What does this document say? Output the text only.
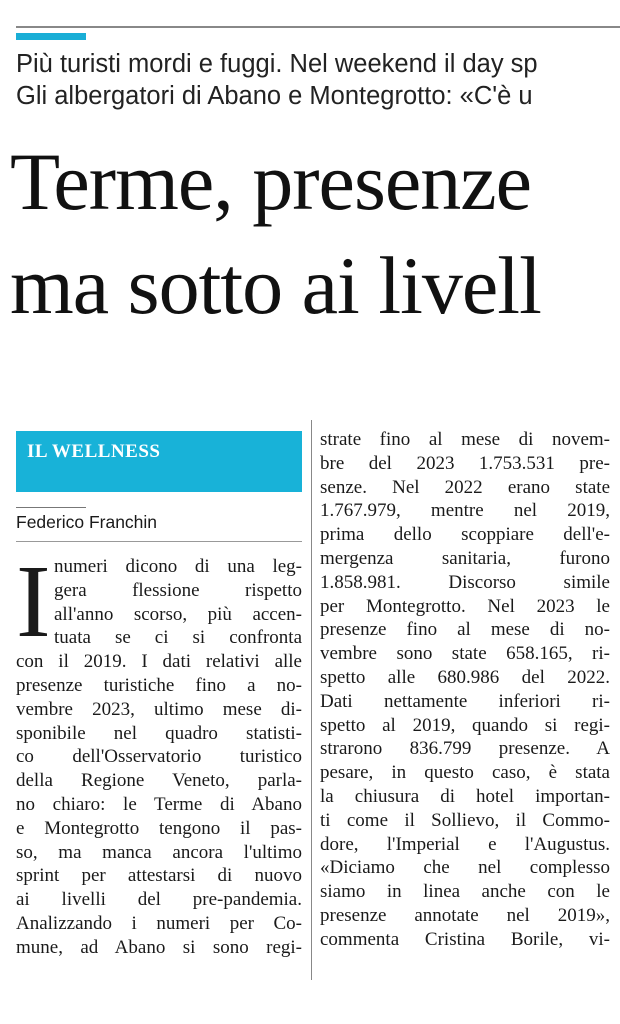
Più turisti mordi e fuggi. Nel weekend il day sp
Gli albergatori di Abano e Montegrotto: «C'è u
Terme, presenze
ma sotto ai livell
IL WELLNESS
Federico Franchin
I numeri dicono di una leg-
gera flessione rispetto
all'anno scorso, più accen-
tuata se ci si confronta
con il 2019. I dati relativi alle
presenze turistiche fino a no-
vembre 2023, ultimo mese di-
sponibile nel quadro statisti-
co dell'Osservatorio turistico
della Regione Veneto, parla-
no chiaro: le Terme di Abano
e Montegrotto tengono il pas-
so, ma manca ancora l'ultimo
sprint per attestarsi di nuovo
ai livelli del pre-pandemia.
Analizzando i numeri per Co-
mune, ad Abano si sono regi-
strate fino al mese di novem-
bre del 2023 1.753.531 pre-
senze. Nel 2022 erano state
1.767.979, mentre nel 2019,
prima dello scoppiare dell'e-
mergenza sanitaria, furono
1.858.981. Discorso simile
per Montegrotto. Nel 2023 le
presenze fino al mese di no-
vembre sono state 658.165, ri-
spetto alle 680.986 del 2022.
Dati nettamente inferiori ri-
spetto al 2019, quando si regi-
strarono 836.799 presenze. A
pesare, in questo caso, è stata
la chiusura di hotel importan-
ti come il Sollievo, il Commo-
dore, l'Imperial e l'Augustus.
«Diciamo che nel complesso
siamo in linea anche con le
presenze annotate nel 2019»,
commenta Cristina Borile, vi-
